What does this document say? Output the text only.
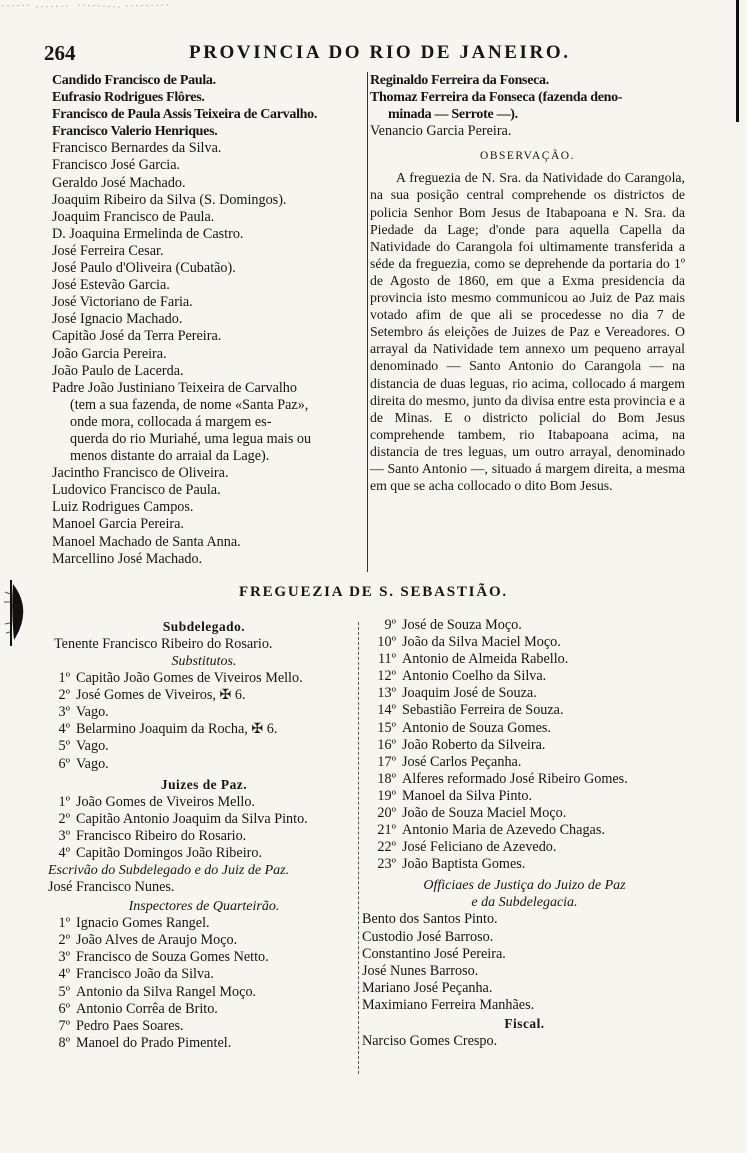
264	PROVINCIA DO RIO DE JANEIRO.
Candido Francisco de Paula.
Eufrasio Rodrigues Flôres.
Francisco de Paula Assis Teixeira de Carvalho.
Francisco Valerio Henriques.
Francisco Bernardes da Silva.
Francisco José Garcia.
Geraldo José Machado.
Joaquim Ribeiro da Silva (S. Domingos).
Joaquim Francisco de Paula.
D. Joaquina Ermelinda de Castro.
José Ferreira Cesar.
José Paulo d'Oliveira (Cubatão).
José Estevão Garcia.
José Victoriano de Faria.
José Ignacio Machado.
Capitão José da Terra Pereira.
João Garcia Pereira.
João Paulo de Lacerda.
Padre João Justiniano Teixeira de Carvalho
(tem a sua fazenda, de nome «Santa Paz»,
onde mora, collocada á margem es-
querda do rio Muriahé, uma legua mais ou
menos distante do arraial da Lage).
Jacintho Francisco de Oliveira.
Ludovico Francisco de Paula.
Luiz Rodrigues Campos.
Manoel Garcia Pereira.
Manoel Machado de Santa Anna.
Marcellino José Machado.
Reginaldo Ferreira da Fonseca.
Thomaz Ferreira da Fonseca (fazenda deno-
minada — Serrote —).
Venancio Garcia Pereira.
OBSERVAÇÃO.
A freguezia de N. Sra. da Natividade do Carangola, na sua posição central comprehende os districtos de policia Senhor Bom Jesus de Itabapoana e N. Sra. da Piedade da Lage; d'onde para aquella Capella da Natividade do Carangola foi ultimamente transferida a séde da freguezia, como se deprehende da portaria do 1º de Agosto de 1860, em que a Exma presidencia da provincia isto mesmo communicou ao Juiz de Paz mais votado afim de que ali se procedesse no dia 7 de Setembro ás eleições de Juizes de Paz e Vereadores. O arrayal da Natividade tem annexo um pequeno arrayal denominado — Santo Antonio do Carangola — na distancia de duas leguas, rio acima, collocado á margem direita do mesmo, junto da divisa entre esta provincia e a de Minas. E o districto policial do Bom Jesus comprehende tambem, rio Itabapoana acima, na distancia de tres leguas, um outro arrayal, denominado — Santo Antonio —, situado á margem direita, a mesma em que se acha collocado o dito Bom Jesus.
FREGUEZIA DE S. SEBASTIÃO.
Subdelegado.
Tenente Francisco Ribeiro do Rosario.
Substitutos.
1º Capitão João Gomes de Viveiros Mello.
2º José Gomes de Viveiros, ✠ 6.
3º Vago.
4º Belarmino Joaquim da Rocha, ✠ 6.
5º Vago.
6º Vago.
Juizes de Paz.
1º João Gomes de Viveiros Mello.
2º Capitão Antonio Joaquim da Silva Pinto.
3º Francisco Ribeiro do Rosario.
4º Capitão Domingos João Ribeiro.
Escrivão do Subdelegado e do Juiz de Paz.
José Francisco Nunes.
Inspectores de Quarteirão.
1º Ignacio Gomes Rangel.
2º João Alves de Araujo Moço.
3º Francisco de Souza Gomes Netto.
4º Francisco João da Silva.
5º Antonio da Silva Rangel Moço.
6º Antonio Corrêa de Brito.
7º Pedro Paes Soares.
8º Manoel do Prado Pimentel.
9º José de Souza Moço.
10º João da Silva Maciel Moço.
11º Antonio de Almeida Rabello.
12º Antonio Coelho da Silva.
13º Joaquim José de Souza.
14º Sebastião Ferreira de Souza.
15º Antonio de Souza Gomes.
16º João Roberto da Silveira.
17º José Carlos Peçanha.
18º Alferes reformado José Ribeiro Gomes.
19º Manoel da Silva Pinto.
20º João de Souza Maciel Moço.
21º Antonio Maria de Azevedo Chagas.
22º José Feliciano de Azevedo.
23º João Baptista Gomes.
Officiaes de Justiça do Juizo de Paz
e da Subdelegacia.
Bento dos Santos Pinto.
Custodio José Barroso.
Constantino José Pereira.
José Nunes Barroso.
Mariano José Peçanha.
Maximiano Ferreira Manhães.
Fiscal.
Narciso Gomes Crespo.
